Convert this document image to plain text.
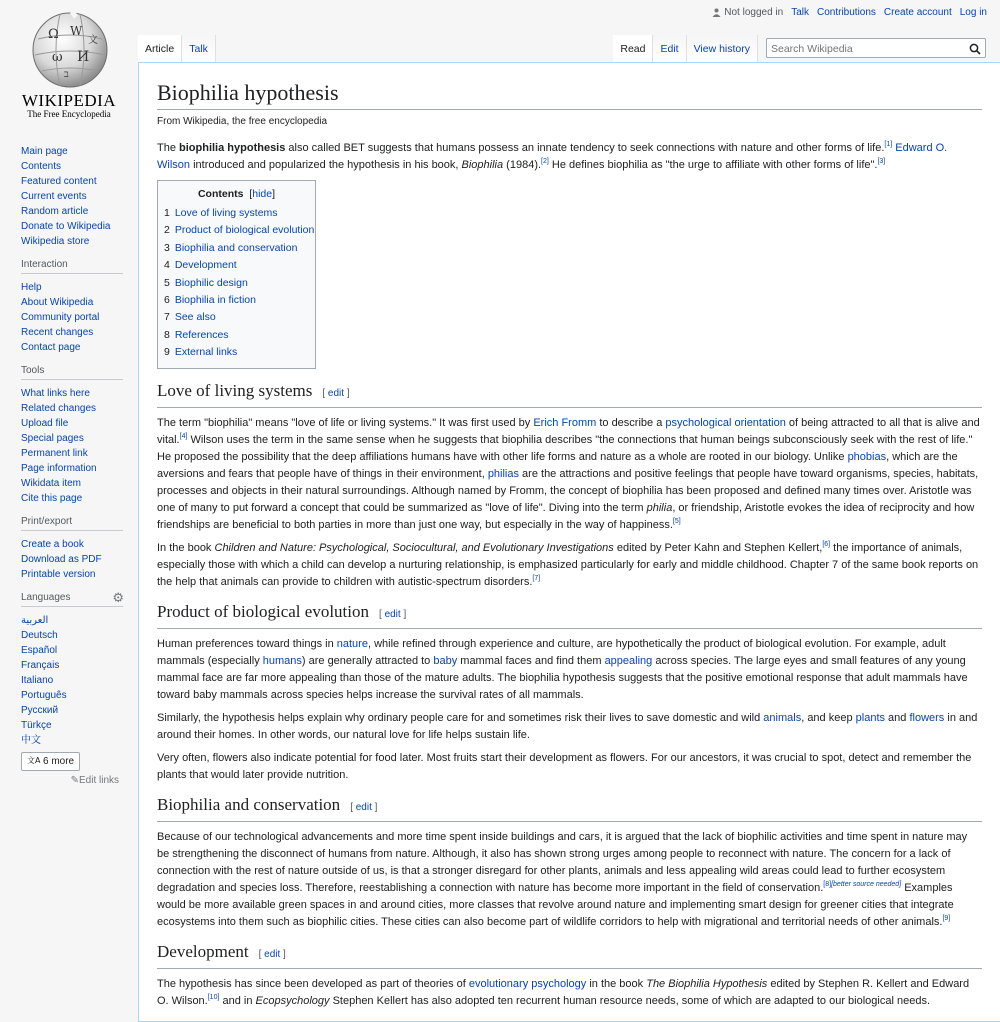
Not logged in Talk Contributions Create account Log in
Ω W
ω И
文
ב
WIKIPEDIA
The Free Encyclopedia
Main page
Contents
Featured content
Current events
Random article
Donate to Wikipedia
Wikipedia store
Interaction
Help
About Wikipedia
Community portal
Recent changes
Contact page
Tools
What links here
Related changes
Upload file
Special pages
Permanent link
Page information
Wikidata item
Cite this page
Print/export
Create a book
Download as PDF
Printable version
Languages	⚙
العربية
Deutsch
Español
Français
Italiano
Português
Русский
Türkçe
中文
文A 6 more
✎Edit links
Article	Talk	Read	Edit	View history
Search Wikipedia
Biophilia hypothesis
From Wikipedia, the free encyclopedia

The biophilia hypothesis also called BET suggests that humans possess an innate tendency to seek connections with nature and other forms of life.[1] Edward O. Wilson introduced and popularized the hypothesis in his book, Biophilia (1984).[2] He defines biophilia as "the urge to affiliate with other forms of life".[3]

Contents  [hide]
1 Love of living systems
2 Product of biological evolution
3 Biophilia and conservation
4 Development
5 Biophilic design
6 Biophilia in fiction
7 See also
8 References
9 External links
Love of living systems [ edit ]

The term "biophilia" means "love of life or living systems." It was first used by Erich Fromm to describe a psychological orientation of being attracted to all that is alive and vital.[4] Wilson uses the term in the same sense when he suggests that biophilia describes "the connections that human beings subconsciously seek with the rest of life." He proposed the possibility that the deep affiliations humans have with other life forms and nature as a whole are rooted in our biology. Unlike phobias, which are the aversions and fears that people have of things in their environment, philias are the attractions and positive feelings that people have toward organisms, species, habitats, processes and objects in their natural surroundings. Although named by Fromm, the concept of biophilia has been proposed and defined many times over. Aristotle was one of many to put forward a concept that could be summarized as "love of life". Diving into the term philia, or friendship, Aristotle evokes the idea of reciprocity and how friendships are beneficial to both parties in more than just one way, but especially in the way of happiness.[5]

In the book Children and Nature: Psychological, Sociocultural, and Evolutionary Investigations edited by Peter Kahn and Stephen Kellert,[6] the importance of animals, especially those with which a child can develop a nurturing relationship, is emphasized particularly for early and middle childhood. Chapter 7 of the same book reports on the help that animals can provide to children with autistic-spectrum disorders.[7]

Product of biological evolution [ edit ]

Human preferences toward things in nature, while refined through experience and culture, are hypothetically the product of biological evolution. For example, adult mammals (especially humans) are generally attracted to baby mammal faces and find them appealing across species. The large eyes and small features of any young mammal face are far more appealing than those of the mature adults. The biophilia hypothesis suggests that the positive emotional response that adult mammals have toward baby mammals across species helps increase the survival rates of all mammals.

Similarly, the hypothesis helps explain why ordinary people care for and sometimes risk their lives to save domestic and wild animals, and keep plants and flowers in and around their homes. In other words, our natural love for life helps sustain life.

Very often, flowers also indicate potential for food later. Most fruits start their development as flowers. For our ancestors, it was crucial to spot, detect and remember the plants that would later provide nutrition.

Biophilia and conservation [ edit ]

Because of our technological advancements and more time spent inside buildings and cars, it is argued that the lack of biophilic activities and time spent in nature may be strengthening the disconnect of humans from nature. Although, it also has shown strong urges among people to reconnect with nature. The concern for a lack of connection with the rest of nature outside of us, is that a stronger disregard for other plants, animals and less appealing wild areas could lead to further ecosystem degradation and species loss. Therefore, reestablishing a connection with nature has become more important in the field of conservation.[8][better source needed] Examples would be more available green spaces in and around cities, more classes that revolve around nature and implementing smart design for greener cities that integrate ecosystems into them such as biophilic cities. These cities can also become part of wildlife corridors to help with migrational and territorial needs of other animals.[9]

Development [ edit ]

The hypothesis has since been developed as part of theories of evolutionary psychology in the book The Biophilia Hypothesis edited by Stephen R. Kellert and Edward O. Wilson.[10] and in Ecopsychology Stephen Kellert has also adopted ten recurrent human resource needs, some of which are adapted to our biological needs.
